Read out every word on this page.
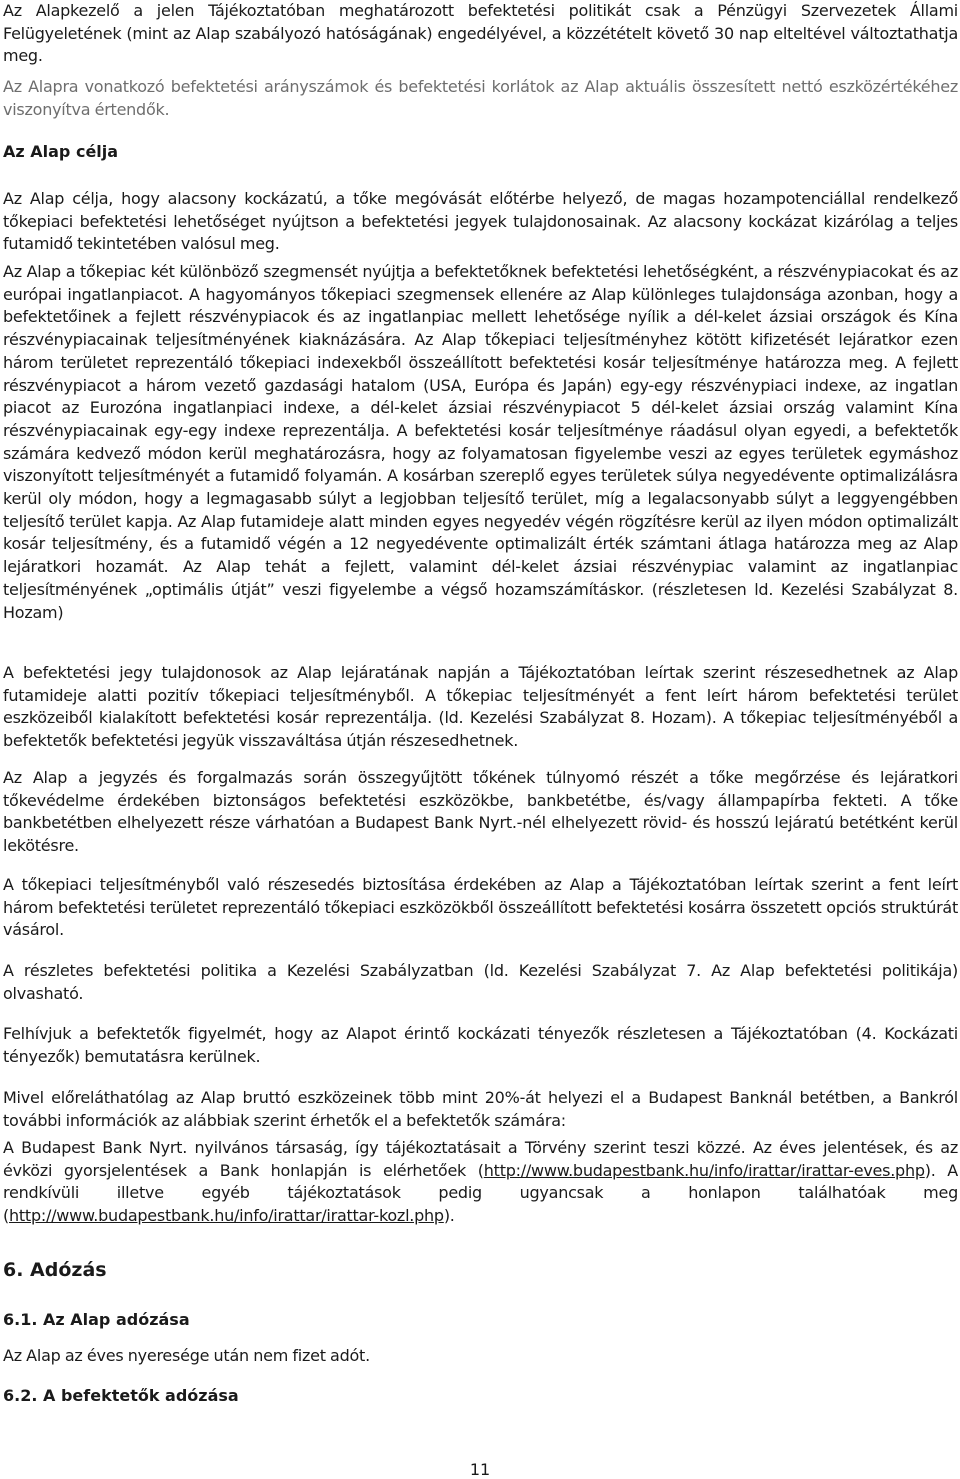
Az Alapkezelő a jelen Tájékoztatóban meghatározott befektetési politikát csak a Pénzügyi Szervezetek Állami Felügyeletének (mint az Alap szabályozó hatóságának) engedélyével, a közzétételt követő 30 nap elteltével változtathatja meg.

Az Alapra vonatkozó befektetési arányszámok és befektetési korlátok az Alap aktuális összesített nettó eszközértékéhez viszonyítva értendők.

Az Alap célja

Az Alap célja, hogy alacsony kockázatú, a tőke megóvását előtérbe helyező, de magas hozampotenciállal rendelkező tőkepiaci befektetési lehetőséget nyújtson a befektetési jegyek tulajdonosainak. Az alacsony kockázat kizárólag a teljes futamidő tekintetében valósul meg.

Az Alap a tőkepiac két különböző szegmensét nyújtja a befektetőknek befektetési lehetőségként, a részvénypiacokat és az európai ingatlanpiacot. A hagyományos tőkepiaci szegmensek ellenére az Alap különleges tulajdonsága azonban, hogy a befektetőinek a fejlett részvénypiacok és az ingatlanpiac mellett lehetősége nyílik a dél-kelet ázsiai országok és Kína részvénypiacainak teljesítményének kiaknázására. Az Alap tőkepiaci teljesítményhez kötött kifizetését lejáratkor ezen három területet reprezentáló tőkepiaci indexekből összeállított befektetési kosár teljesítménye határozza meg. A fejlett részvénypiacot a három vezető gazdasági hatalom (USA, Európa és Japán) egy-egy részvénypiaci indexe, az ingatlan piacot az Eurozóna ingatlanpiaci indexe, a dél-kelet ázsiai részvénypiacot 5 dél-kelet ázsiai ország valamint Kína részvénypiacainak egy-egy indexe reprezentálja. A befektetési kosár teljesítménye ráadásul olyan egyedi, a befektetők számára kedvező módon kerül meghatározásra, hogy az folyamatosan figyelembe veszi az egyes területek egymáshoz viszonyított teljesítményét a futamidő folyamán. A kosárban szereplő egyes területek súlya negyedévente optimalizálásra kerül oly módon, hogy a legmagasabb súlyt a legjobban teljesítő terület, míg a legalacsonyabb súlyt a leggyengébben teljesítő terület kapja. Az Alap futamideje alatt minden egyes negyedév végén rögzítésre kerül az ilyen módon optimalizált kosár teljesítmény, és a futamidő végén a 12 negyedévente optimalizált érték számtani átlaga határozza meg az Alap lejáratkori hozamát. Az Alap tehát a fejlett, valamint dél-kelet ázsiai részvénypiac valamint az ingatlanpiac teljesítményének „optimális útját” veszi figyelembe a végső hozamszámításkor. (részletesen ld. Kezelési Szabályzat 8. Hozam)

A befektetési jegy tulajdonosok az Alap lejáratának napján a Tájékoztatóban leírtak szerint részesedhetnek az Alap futamideje alatti pozitív tőkepiaci teljesítményből. A tőkepiac teljesítményét a fent leírt három befektetési terület eszközeiből kialakított befektetési kosár reprezentálja. (ld. Kezelési Szabályzat 8. Hozam). A tőkepiac teljesítményéből a befektetők befektetési jegyük visszaváltása útján részesedhetnek.

Az Alap a jegyzés és forgalmazás során összegyűjtött tőkének túlnyomó részét a tőke megőrzése és lejáratkori tőkevédelme érdekében biztonságos befektetési eszközökbe, bankbetétbe, és/vagy állampapírba fekteti. A tőke bankbetétben elhelyezett része várhatóan a Budapest Bank Nyrt.-nél elhelyezett rövid- és hosszú lejáratú betétként kerül lekötésre.

A tőkepiaci teljesítményből való részesedés biztosítása érdekében az Alap a Tájékoztatóban leírtak szerint a fent leírt három befektetési területet reprezentáló tőkepiaci eszközökből összeállított befektetési kosárra összetett opciós struktúrát vásárol.

A részletes befektetési politika a Kezelési Szabályzatban (ld. Kezelési Szabályzat 7. Az Alap befektetési politikája) olvasható.

Felhívjuk a befektetők figyelmét, hogy az Alapot érintő kockázati tényezők részletesen a Tájékoztatóban (4. Kockázati tényezők) bemutatásra kerülnek.

Mivel előreláthatólag az Alap bruttó eszközeinek több mint 20%-át helyezi el a Budapest Banknál betétben, a Bankról további információk az alábbiak szerint érhetők el a befektetők számára:

A Budapest Bank Nyrt. nyilvános társaság, így tájékoztatásait a Törvény szerint teszi közzé. Az éves jelentések, és az évközi gyorsjelentések a Bank honlapján is elérhetőek (http://www.budapestbank.hu/info/irattar/irattar-eves.php). A rendkívüli illetve egyéb tájékoztatások pedig ugyancsak a honlapon találhatóak meg (http://www.budapestbank.hu/info/irattar/irattar-kozl.php).

6. Adózás
6.1. Az Alap adózása

Az Alap az éves nyeresége után nem fizet adót.

6.2. A befektetők adózása
11
